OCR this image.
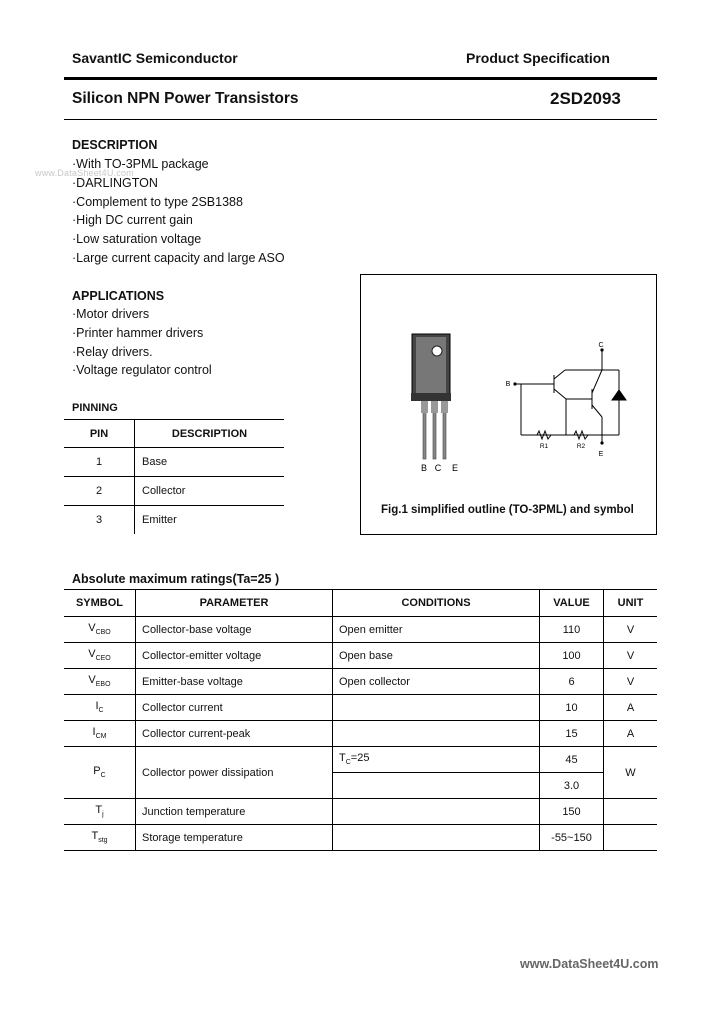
SavantIC Semiconductor	Product Specification
Silicon NPN Power Transistors	2SD2093
DESCRIPTION
www.DataSheet4U.com
·With TO-3PML package
·DARLINGTON
·Complement to type 2SB1388
·High DC current gain
·Low saturation voltage
·Large current capacity and large ASO
APPLICATIONS
·Motor drivers
·Printer hammer drivers
·Relay drivers.
·Voltage regulator control
PINNING
PIN	DESCRIPTION
1	Base
2	Collector
3	Emitter
B C E
C
B
E
R1	R2
Fig.1 simplified outline (TO-3PML) and symbol
Absolute maximum ratings(Ta=25 )
SYMBOL	PARAMETER	CONDITIONS	VALUE	UNIT
$V_{CBO}$	Collector-base voltage	Open emitter	110	V
$V_{CEO}$	Collector-emitter voltage	Open base	100	V
$V_{EBO}$	Emitter-base voltage	Open collector	6	V
$I_C$	Collector current		10	A
$I_{CM}$	Collector current-peak		15	A
$P_C$	Collector power dissipation	$T_C=25$	45	W
			3.0	
$T_j$	Junction temperature		150	
$T_{stg}$	Storage temperature		-55~150	
www.DataSheet4U.com
